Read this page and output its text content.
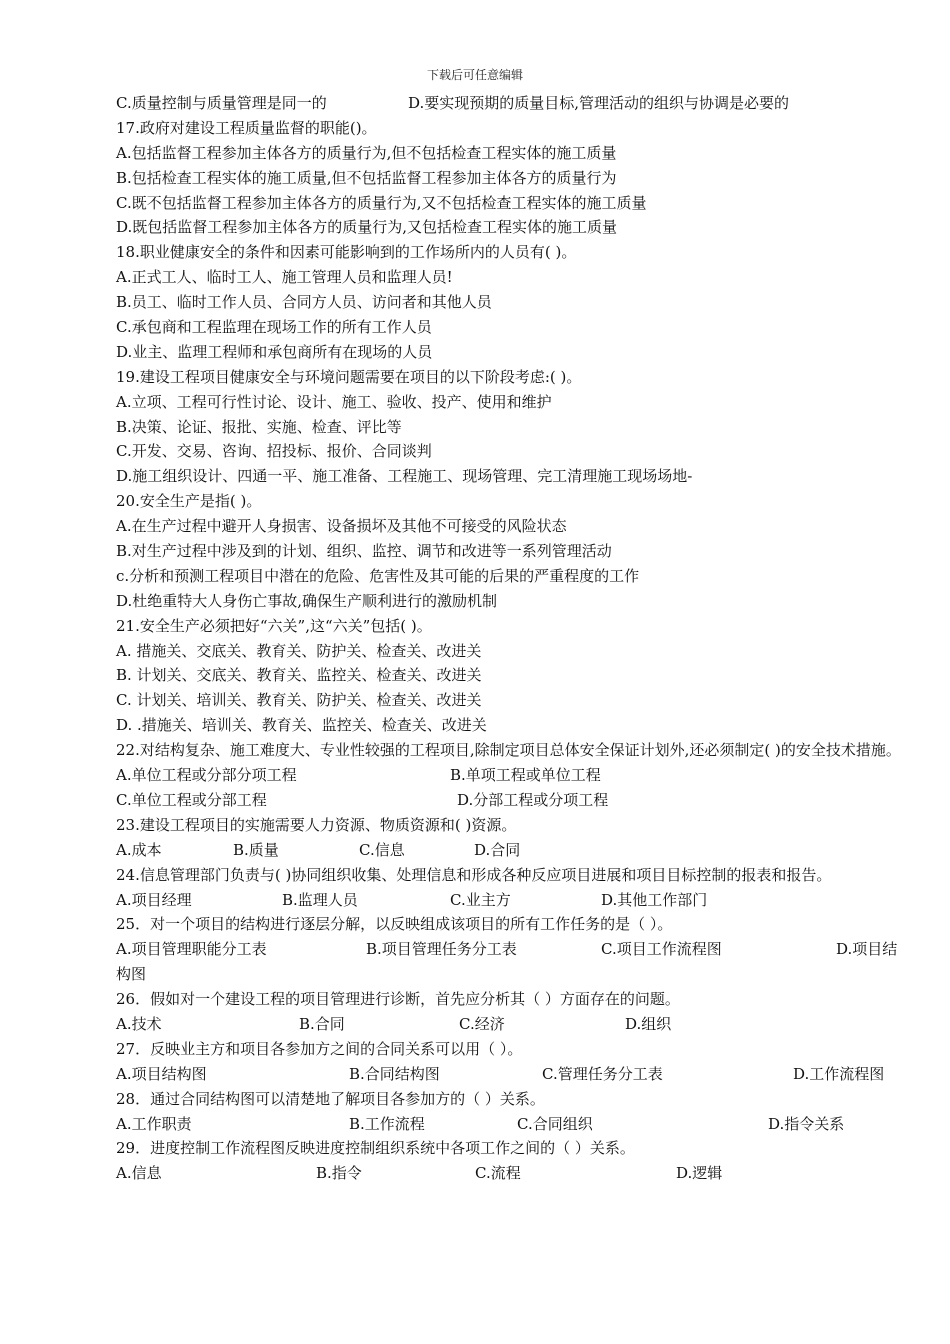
下载后可任意编辑
C.质量控制与质量管理是同一的	D.要实现预期的质量目标,管理活动的组织与协调是必要的
17.政府对建设工程质量监督的职能()。
A.包括监督工程参加主体各方的质量行为,但不包括检查工程实体的施工质量
B.包括检查工程实体的施工质量,但不包括监督工程参加主体各方的质量行为
C.既不包括监督工程参加主体各方的质量行为,又不包括检查工程实体的施工质量
D.既包括监督工程参加主体各方的质量行为,又包括检查工程实体的施工质量
18.职业健康安全的条件和因素可能影响到的工作场所内的人员有( )。
A.正式工人、临时工人、施工管理人员和监理人员!
B.员工、临时工作人员、合同方人员、访问者和其他人员
C.承包商和工程监理在现场工作的所有工作人员
D.业主、监理工程师和承包商所有在现场的人员
19.建设工程项目健康安全与环境问题需要在项目的以下阶段考虑:( )。
A.立项、工程可行性讨论、设计、施工、验收、投产、使用和维护
B.决策、论证、报批、实施、检查、评比等
C.开发、交易、咨询、招投标、报价、合同谈判
D.施工组织设计、四通一平、施工准备、工程施工、现场管理、完工清理施工现场场地-
20.安全生产是指( )。
A.在生产过程中避开人身损害、设备损坏及其他不可接受的风险状态
B.对生产过程中涉及到的计划、组织、监控、调节和改进等一系列管理活动
c.分析和预测工程项目中潜在的危险、危害性及其可能的后果的严重程度的工作
D.杜绝重特大人身伤亡事故,确保生产顺利进行的激励机制
21.安全生产必须把好“六关”,这“六关”包括( )。
A. 措施关、交底关、教育关、防护关、检查关、改进关
B. 计划关、交底关、教育关、监控关、检查关、改进关
C. 计划关、培训关、教育关、防护关、检查关、改进关
D. .措施关、培训关、教育关、监控关、检查关、改进关
22.对结构复杂、施工难度大、专业性较强的工程项目,除制定项目总体安全保证计划外,还必须制定( )的安全技术措施。
A.单位工程或分部分项工程	B.单项工程或单位工程
C.单位工程或分部工程	D.分部工程或分项工程
23.建设工程项目的实施需要人力资源、物质资源和( )资源。
A.成本	B.质量	C.信息	D.合同
24.信息管理部门负责与( )协同组织收集、处理信息和形成各种反应项目进展和项目目标控制的报表和报告。
A.项目经理	B.监理人员	C.业主方	D.其他工作部门
25．对一个项目的结构进行逐层分解，以反映组成该项目的所有工作任务的是（ ）。
A.项目管理职能分工表	B.项目管理任务分工表	C.项目工作流程图	D.项目结
构图
26．假如对一个建设工程的项目管理进行诊断，首先应分析其（ ）方面存在的问题。
A.技术	B.合同	C.经济	D.组织
27．反映业主方和项目各参加方之间的合同关系可以用（ ）。
A.项目结构图	B.合同结构图	C.管理任务分工表	D.工作流程图
28．通过合同结构图可以清楚地了解项目各参加方的（ ）关系。
A.工作职责	B.工作流程	C.合同组织	D.指令关系
29．进度控制工作流程图反映进度控制组织系统中各项工作之间的（ ）关系。
A.信息	B.指令	C.流程	D.逻辑
